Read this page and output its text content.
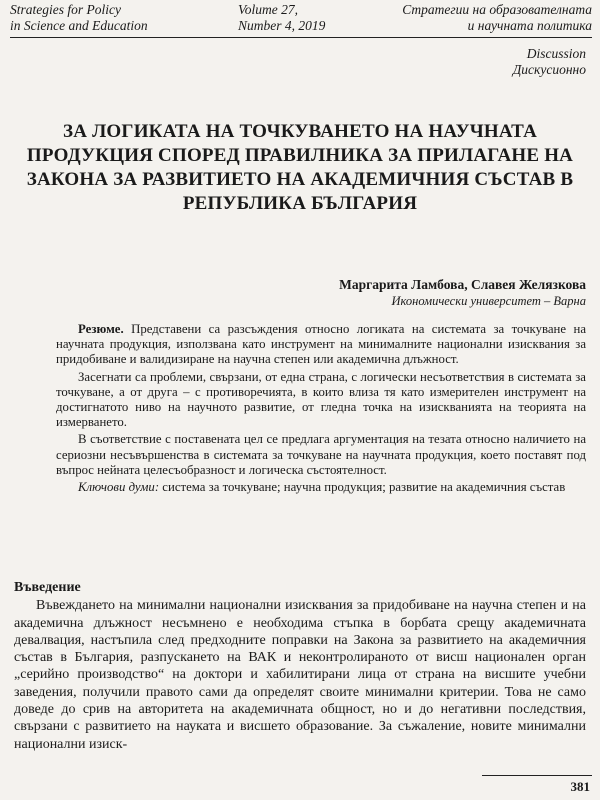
Strategies for Policy
in Science and Education
Volume 27,
Number 4, 2019
Стратегии на образователната
и научната политика
Discussion
Дискусионно
ЗА ЛОГИКАТА НА ТОЧКУВАНЕТО НА НАУЧНАТА ПРОДУКЦИЯ СПОРЕД ПРАВИЛНИКА ЗА ПРИЛАГАНЕ НА ЗАКОНА ЗА РАЗВИТИЕТО НА АКАДЕМИЧНИЯ СЪСТАВ В РЕПУБЛИКА БЪЛГАРИЯ
Маргарита Ламбова, Славея Желязкова
Икономически университет – Варна

Резюме. Представени са разсъждения относно логиката на системата за точкуване на научната продукция, използвана като инструмент на минималните национални изисквания за придобиване и валидизиране на научна степен или академична длъжност.

Засегнати са проблеми, свързани, от една страна, с логически несъответствия в системата за точкуване, а от друга – с противоречията, в които влиза тя като измерителен инструмент на достигнатото ниво на научното развитие, от гледна точка на изискванията на теорията на измерването.

В съответствие с поставената цел се предлага аргументация на тезата относно наличието на сериозни несъвършенства в системата за точкуване на научната продукция, което поставят под въпрос нейната целесъобразност и логическа състоятелност.

Ключови думи: система за точкуване; научна продукция; развитие на академичния състав

Въведение

Въвеждането на минимални национални изисквания за придобиване на научна степен и на академична длъжност несъмнено е необходима стъпка в борбата срещу академичната девалвация, настъпила след предходните поправки на Закона за развитието на академичния състав в България, разпускането на ВАК и неконтролираното от висш национален орган „серийно производство“ на доктори и хабилитирани лица от страна на висшите учебни заведения, получили правото сами да определят своите минимални критерии. Това не само доведе до срив на авторитета на академичната общност, но и до негативни последствия, свързани с развитието на науката и висшето образование. За съжаление, новите минимални национални изиск-

381
